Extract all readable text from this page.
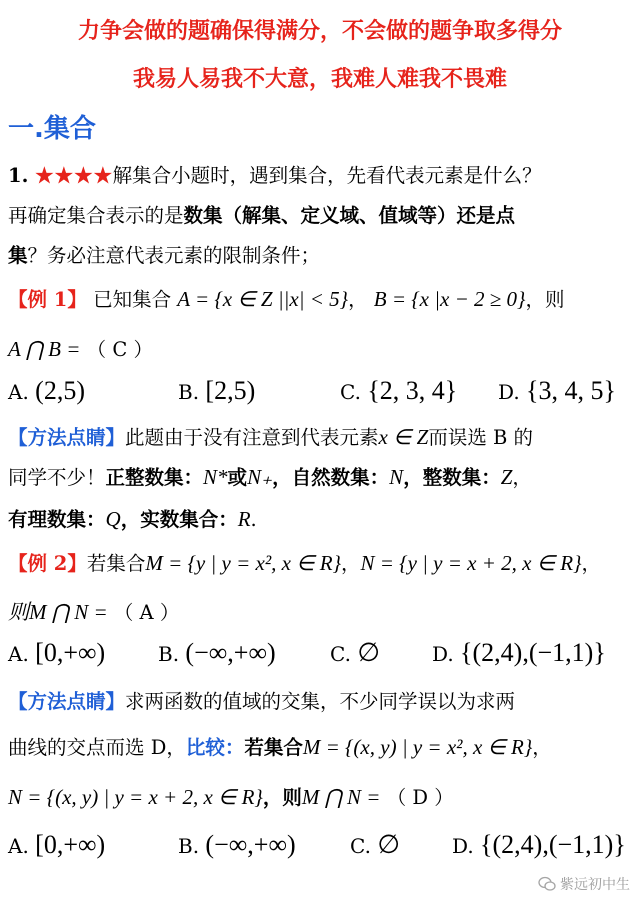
力争会做的题确保得满分，不会做的题争取多得分
我易人易我不大意，我难人难我不畏难
一.集合
1. ★★★★解集合小题时，遇到集合，先看代表元素是什么？
再确定集合表示的是数集（解集、定义域、值域等）还是点
集？务必注意代表元素的限制条件；
【例 1】 已知集合 A = {x ∈ Z ||x| < 5}， B = {x |x − 2 ≥ 0}，则
A ⋂ B = （ C ）
A. (2,5)	B. [2,5)	C. {2, 3, 4} D. {3, 4, 5}
【方法点睛】此题由于没有注意到代表元素x ∈ Z而误选 B 的
同学不少！正整数集：N*或N₊，自然数集：N，整数集：Z，
有理数集：Q，实数集合：R.
【例 2】若集合M = {y | y = x², x ∈ R}，N = {y | y = x + 2, x ∈ R}，
则M ⋂ N = （ A ）
A. [0,+∞)	B. (−∞,+∞)	C. ∅	D. {(2,4),(−1,1)}
【方法点睛】求两函数的值域的交集，不少同学误以为求两
曲线的交点而选 D，比较：若集合M = {(x, y) | y = x², x ∈ R}，
N = {(x, y) | y = x + 2, x ∈ R}，则M ⋂ N = （ D ）
A. [0,+∞)	B. (−∞,+∞)	C. ∅	D. {(2,4),(−1,1)}
紫远初中生
